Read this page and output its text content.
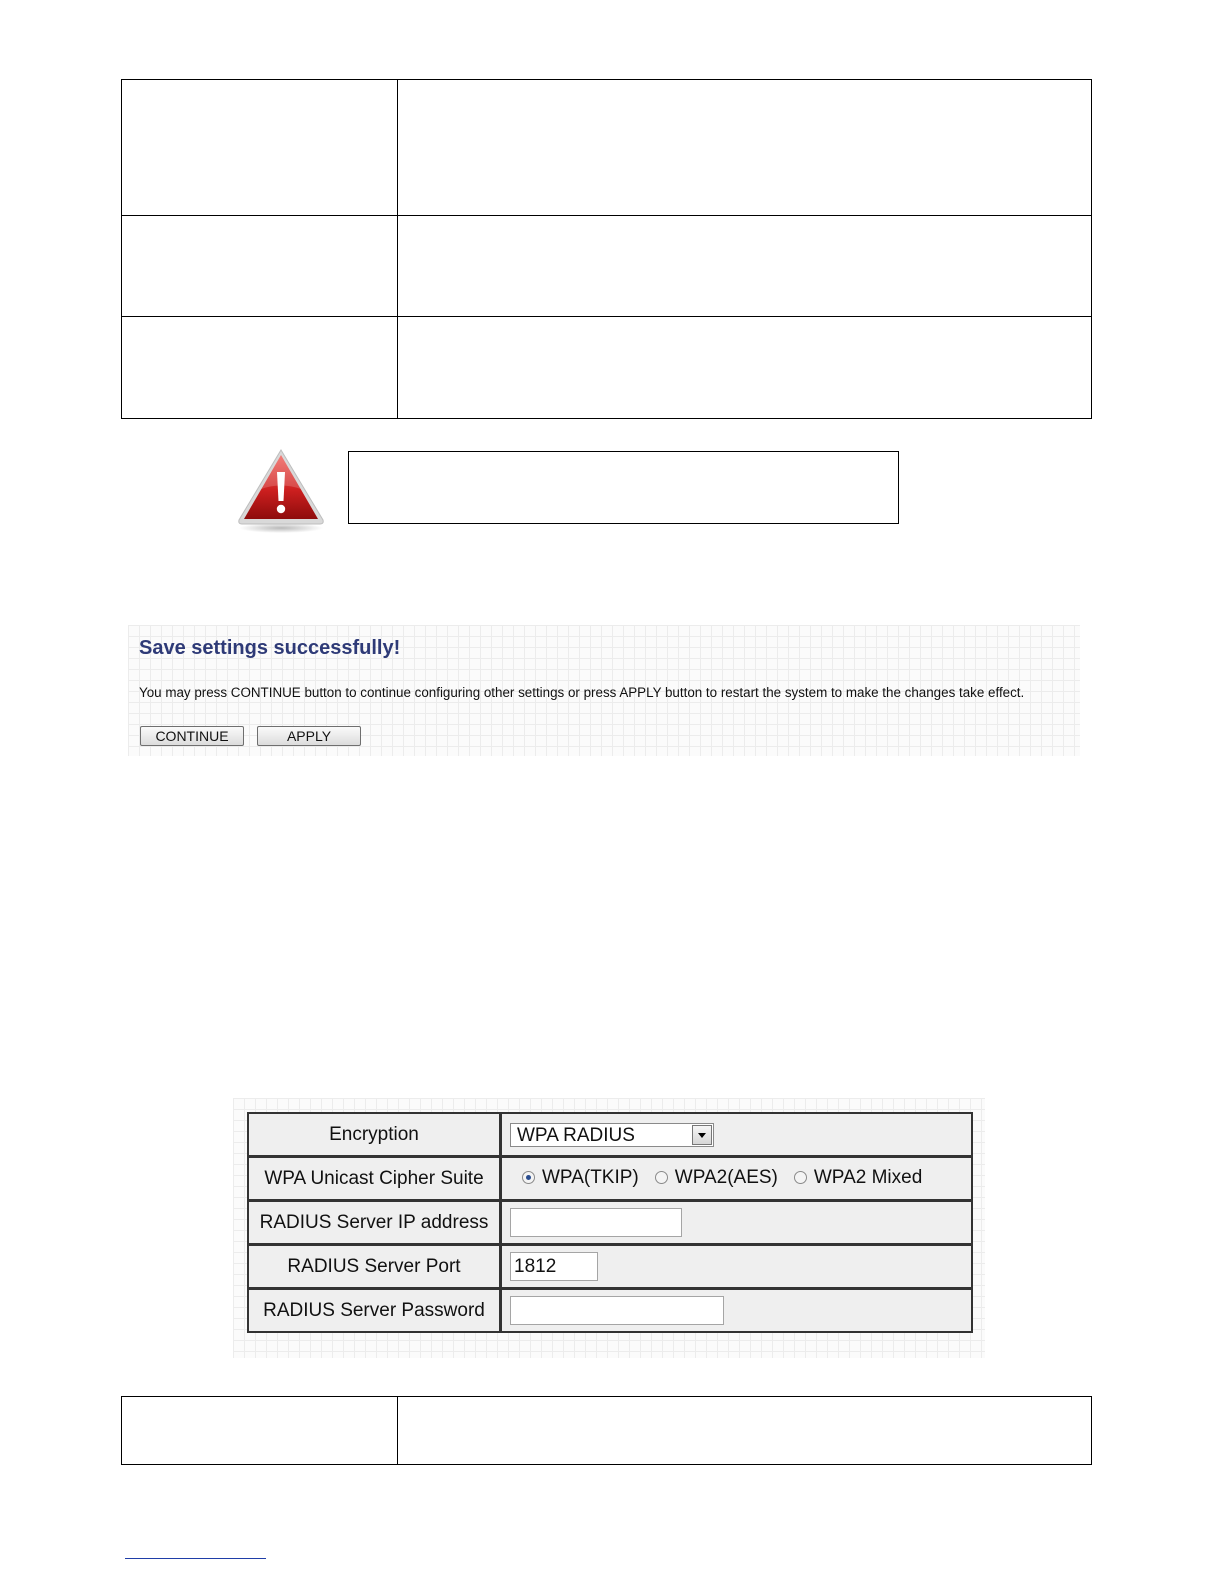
Save settings successfully!
You may press CONTINUE button to continue configuring other settings or press APPLY button to restart the system to make the changes take effect.
CONTINUE	APPLY
Encryption	WPA RADIUS

WPA Unicast Cipher Suite	WPA(TKIP) WPA2(AES) WPA2 Mixed

RADIUS Server IP address	
RADIUS Server Port	1812
RADIUS Server Password	
